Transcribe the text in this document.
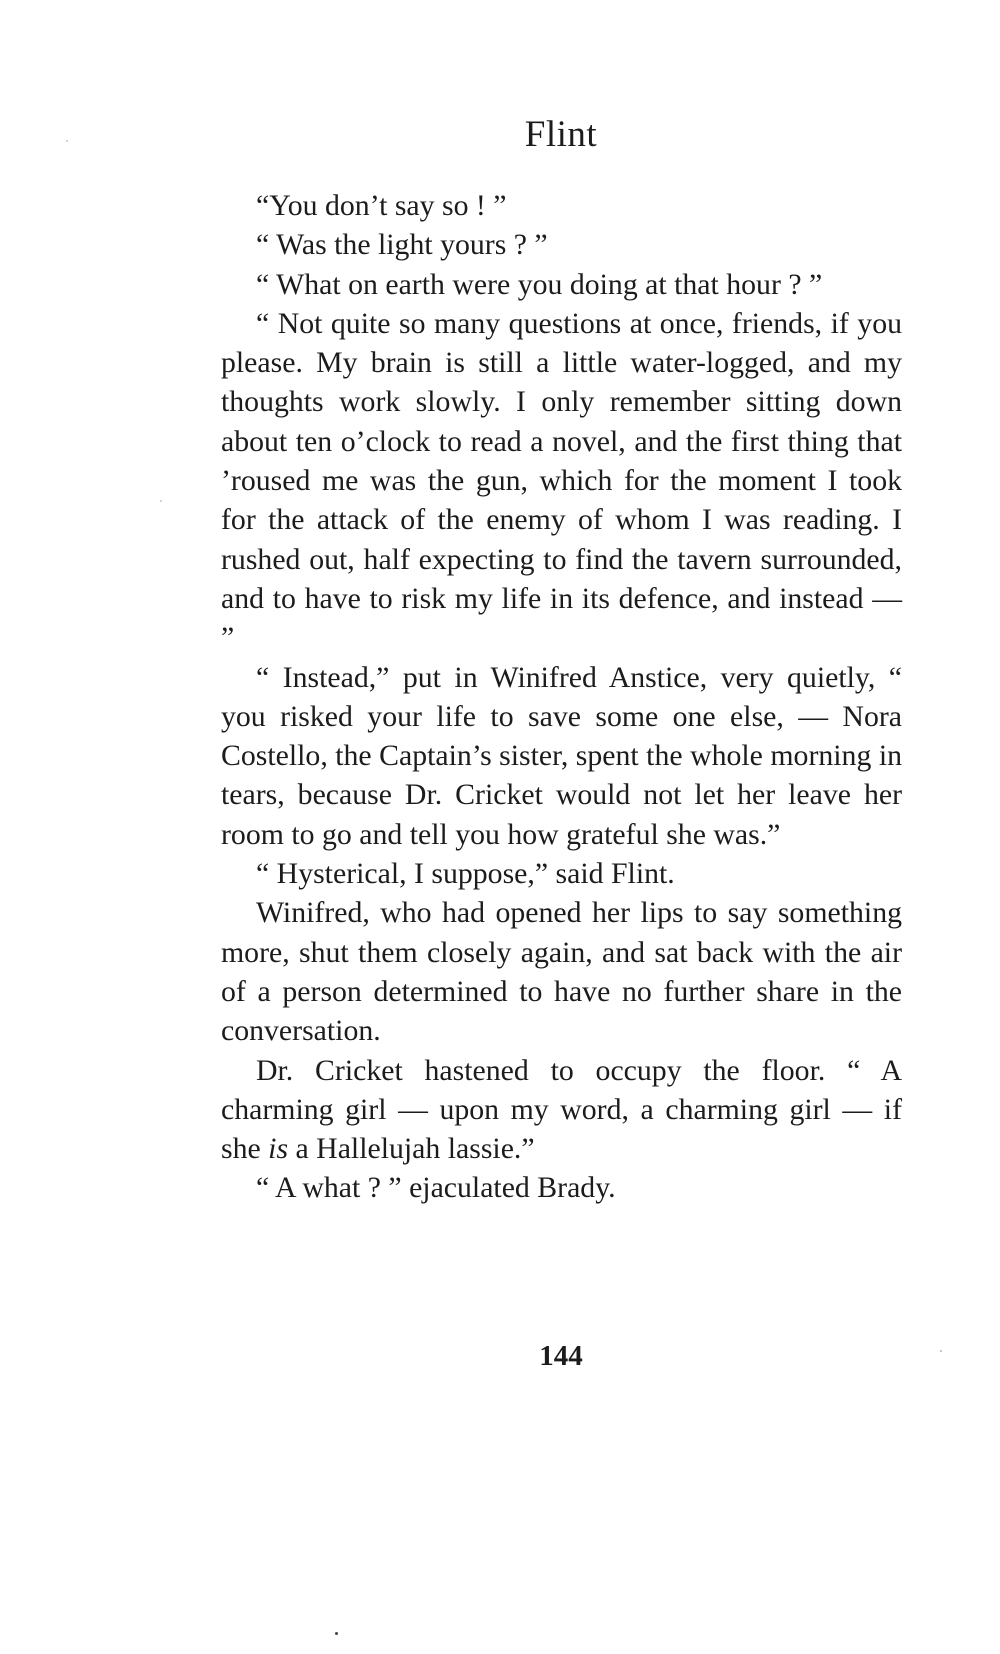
Flint

“You don’t say so ! ”

“ Was the light yours ? ”

“ What on earth were you doing at that hour ? ”

“ Not quite so many questions at once, friends, if you please. My brain is still a little water-logged, and my thoughts work slowly. I only remember sitting down about ten o’clock to read a novel, and the first thing that ’roused me was the gun, which for the moment I took for the attack of the enemy of whom I was reading. I rushed out, half expecting to find the tavern surrounded, and to have to risk my life in its defence, and instead — ”

“ Instead,” put in Winifred Anstice, very quietly, “ you risked your life to save some one else, — Nora Costello, the Captain’s sister, spent the whole morning in tears, because Dr. Cricket would not let her leave her room to go and tell you how grateful she was.”

“ Hysterical, I suppose,” said Flint.

Winifred, who had opened her lips to say something more, shut them closely again, and sat back with the air of a person determined to have no further share in the conversation.

Dr. Cricket hastened to occupy the floor. “ A charming girl — upon my word, a charming girl — if she is a Hallelujah lassie.”

“ A what ? ” ejaculated Brady.

144
